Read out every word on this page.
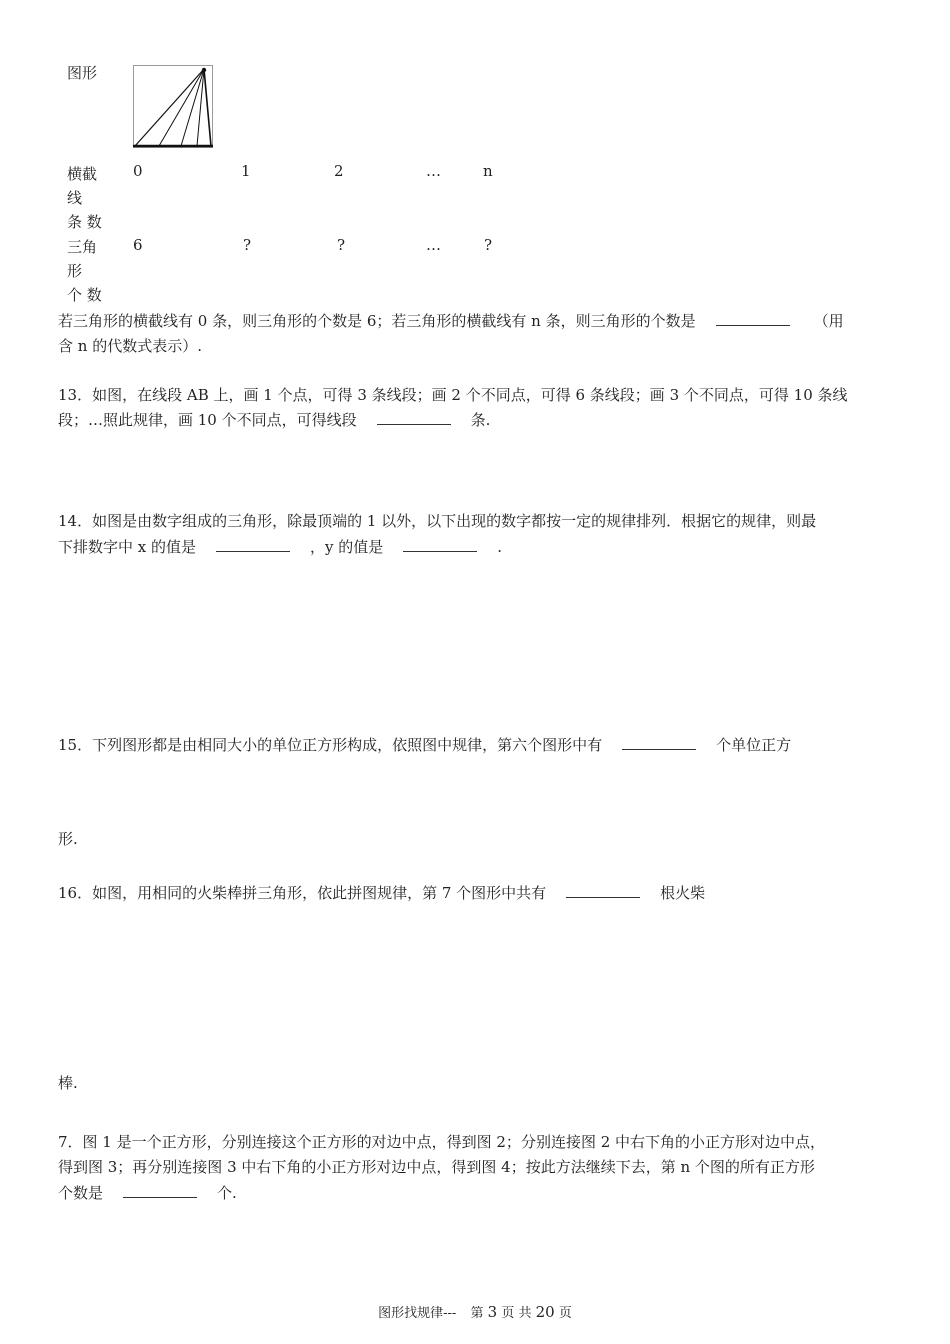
图形
横截
线
条 数
0	1	2	…	n
三角
形
个 数
6	?	?	…	?
若三角形的横截线有 0 条，则三角形的个数是 6；若三角形的横截线有 n 条，则三角形的个数是	（用
含 n 的代数式表示）.
13．如图，在线段 AB 上，画 1 个点，可得 3 条线段；画 2 个不同点，可得 6 条线段；画 3 个不同点，可得 10 条线
段；…照此规律，画 10 个不同点，可得线段	条.
14．如图是由数字组成的三角形，除最顶端的 1 以外，以下出现的数字都按一定的规律排列．根据它的规律，则最
下排数字中 x 的值是	，y 的值是	.
15．下列图形都是由相同大小的单位正方形构成，依照图中规律，第六个图形中有	个单位正方
形.
16．如图，用相同的火柴棒拼三角形，依此拼图规律，第 7 个图形中共有	根火柴
棒.
7．图 1 是一个正方形，分别连接这个正方形的对边中点，得到图 2；分别连接图 2 中右下角的小正方形对边中点，
得到图 3；再分别连接图 3 中右下角的小正方形对边中点，得到图 4；按此方法继续下去，第 n 个图的所有正方形
个数是	个.
图形找规律--- 第 3 页 共 20 页
